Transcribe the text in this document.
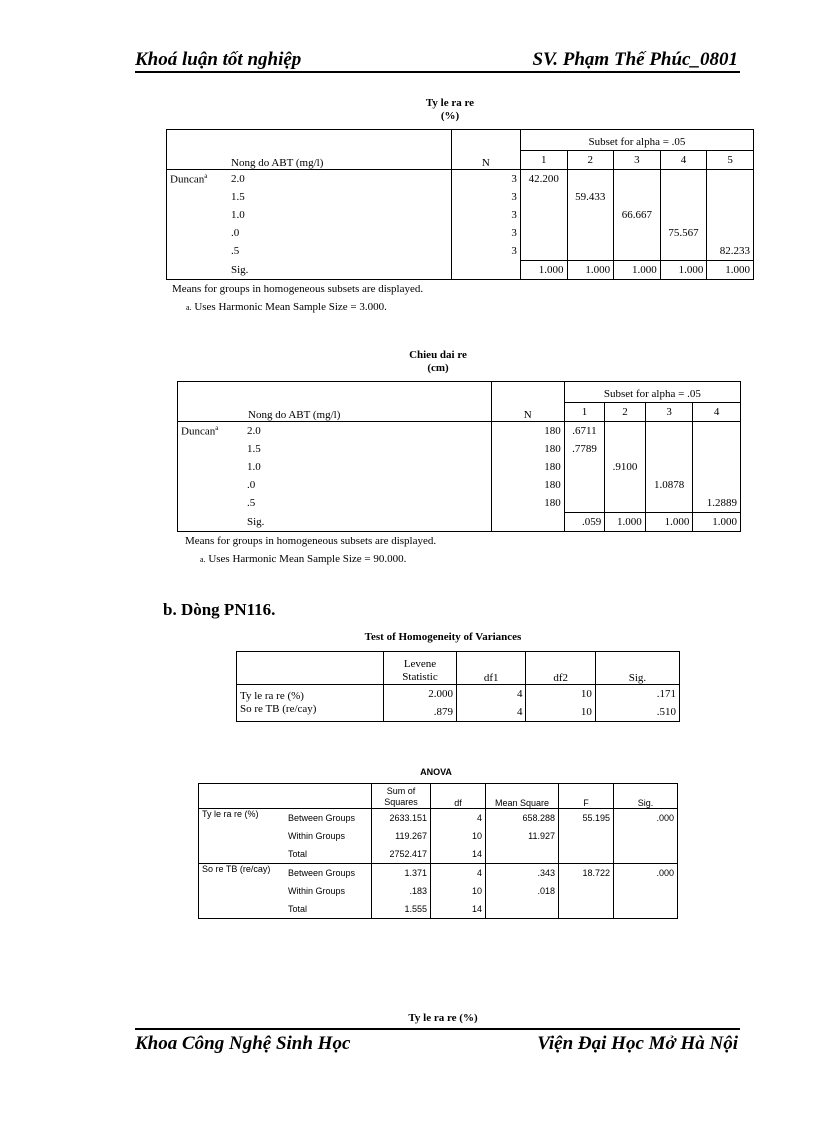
Khoá luận tốt nghiệp	SV. Phạm Thế Phúc_0801
Ty le ra re
(%)
Nong do ABT (mg/l)		N	Subset for alpha = .05				
			1	2	3	4	5
Duncan$^a$	2.0	3	42.200				
	1.5	3		59.433			
	1.0	3			66.667		
	.0	3				75.567	
	.5	3					82.233
	Sig.		1.000	1.000	1.000	1.000	1.000
Means for groups in homogeneous subsets are displayed.
a. Uses Harmonic Mean Sample Size = 3.000.
Chieu dai re
(cm)
Nong do ABT (mg/l)		N	Subset for alpha = .05			
			1	2	3	4
Duncan$^a$	2.0	180	.6711			
	1.5	180	.7789			
	1.0	180		.9100		
	.0	180			1.0878	
	.5	180				1.2889
	Sig.		.059	1.000	1.000	1.000
Means for groups in homogeneous subsets are displayed.
a. Uses Harmonic Mean Sample Size = 90.000.
b. Dòng PN116.
Test of Homogeneity of Variances

	Levene
Statistic	df1	df2	Sig.
Ty le ra re (%)	2.000	4	10	.171
So re TB (re/cay)	.879	4	10	.510
ANOVA

		Sum of
Squares	df	Mean Square	F	Sig.
Ty le ra re (%)	Between Groups	2633.151	4	658.288	55.195	.000
	Within Groups	119.267	10	11.927		
	Total	2752.417	14			
So re TB (re/cay)	Between Groups	1.371	4	.343	18.722	.000
	Within Groups	.183	10	.018		
	Total	1.555	14			
Ty le ra re (%)
Khoa Công Nghệ Sinh Học	Viện Đại Học Mở Hà Nội
